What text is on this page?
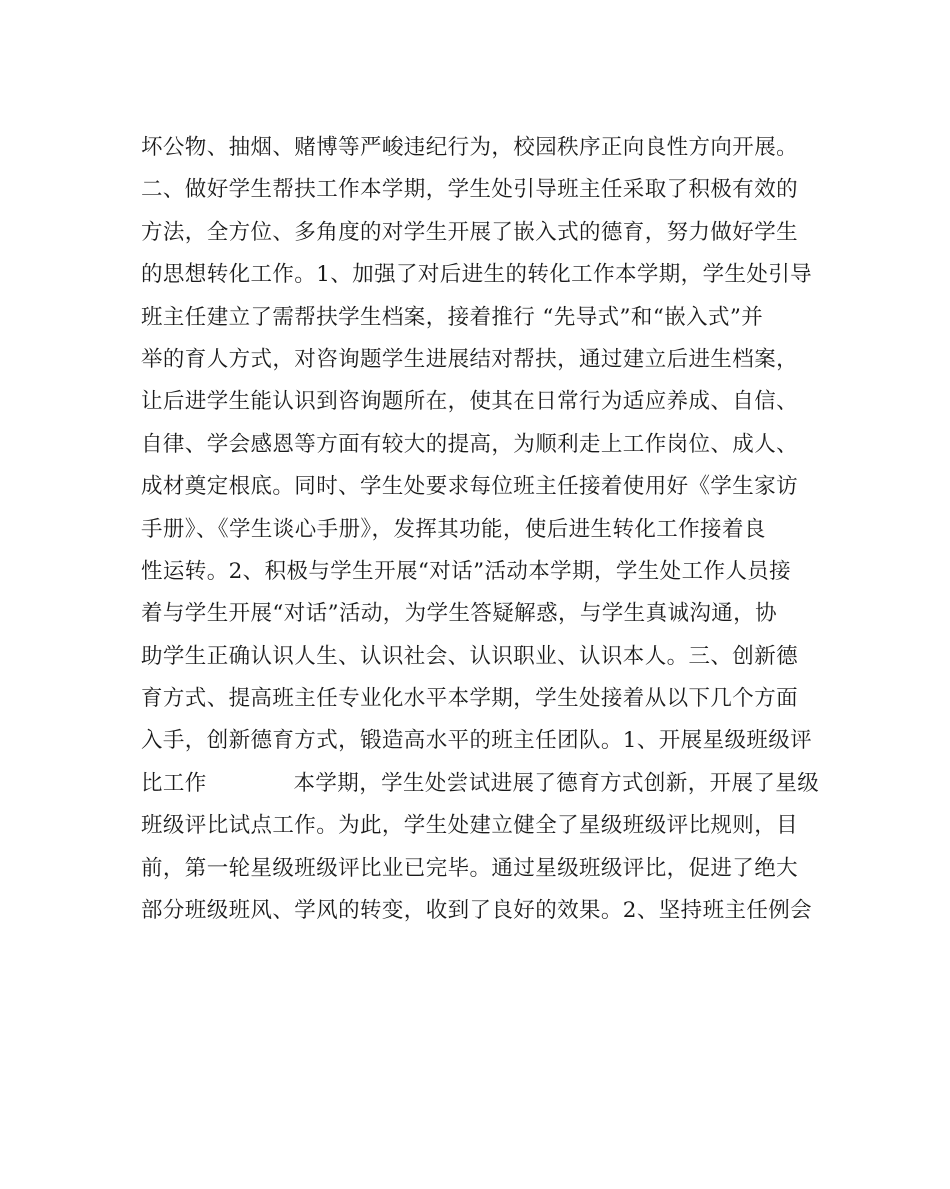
坏公物、抽烟、赌博等严峻违纪行为，校园秩序正向良性方向开展。
二、做好学生帮扶工作本学期，学生处引导班主任采取了积极有效的
方法，全方位、多角度的对学生开展了嵌入式的德育，努力做好学生
的思想转化工作。1、加强了对后进生的转化工作本学期，学生处引导
班主任建立了需帮扶学生档案，接着推行 “先导式”和“嵌入式”并
举的育人方式，对咨询题学生进展结对帮扶，通过建立后进生档案，
让后进学生能认识到咨询题所在，使其在日常行为适应养成、自信、
自律、学会感恩等方面有较大的提高，为顺利走上工作岗位、成人、
成材奠定根底。同时、学生处要求每位班主任接着使用好《学生家访
手册》、《学生谈心手册》，发挥其功能，使后进生转化工作接着良
性运转。2、积极与学生开展“对话”活动本学期，学生处工作人员接
着与学生开展“对话”活动，为学生答疑解惑，与学生真诚沟通，协
助学生正确认识人生、认识社会、认识职业、认识本人。三、创新德
育方式、提高班主任专业化水平本学期，学生处接着从以下几个方面
入手，创新德育方式，锻造高水平的班主任团队。1、开展星级班级评
比工作            本学期，学生处尝试进展了德育方式创新，开展了星级
班级评比试点工作。为此，学生处建立健全了星级班级评比规则，目
前，第一轮星级班级评比业已完毕。通过星级班级评比，促进了绝大
部分班级班风、学风的转变，收到了良好的效果。2、坚持班主任例会
